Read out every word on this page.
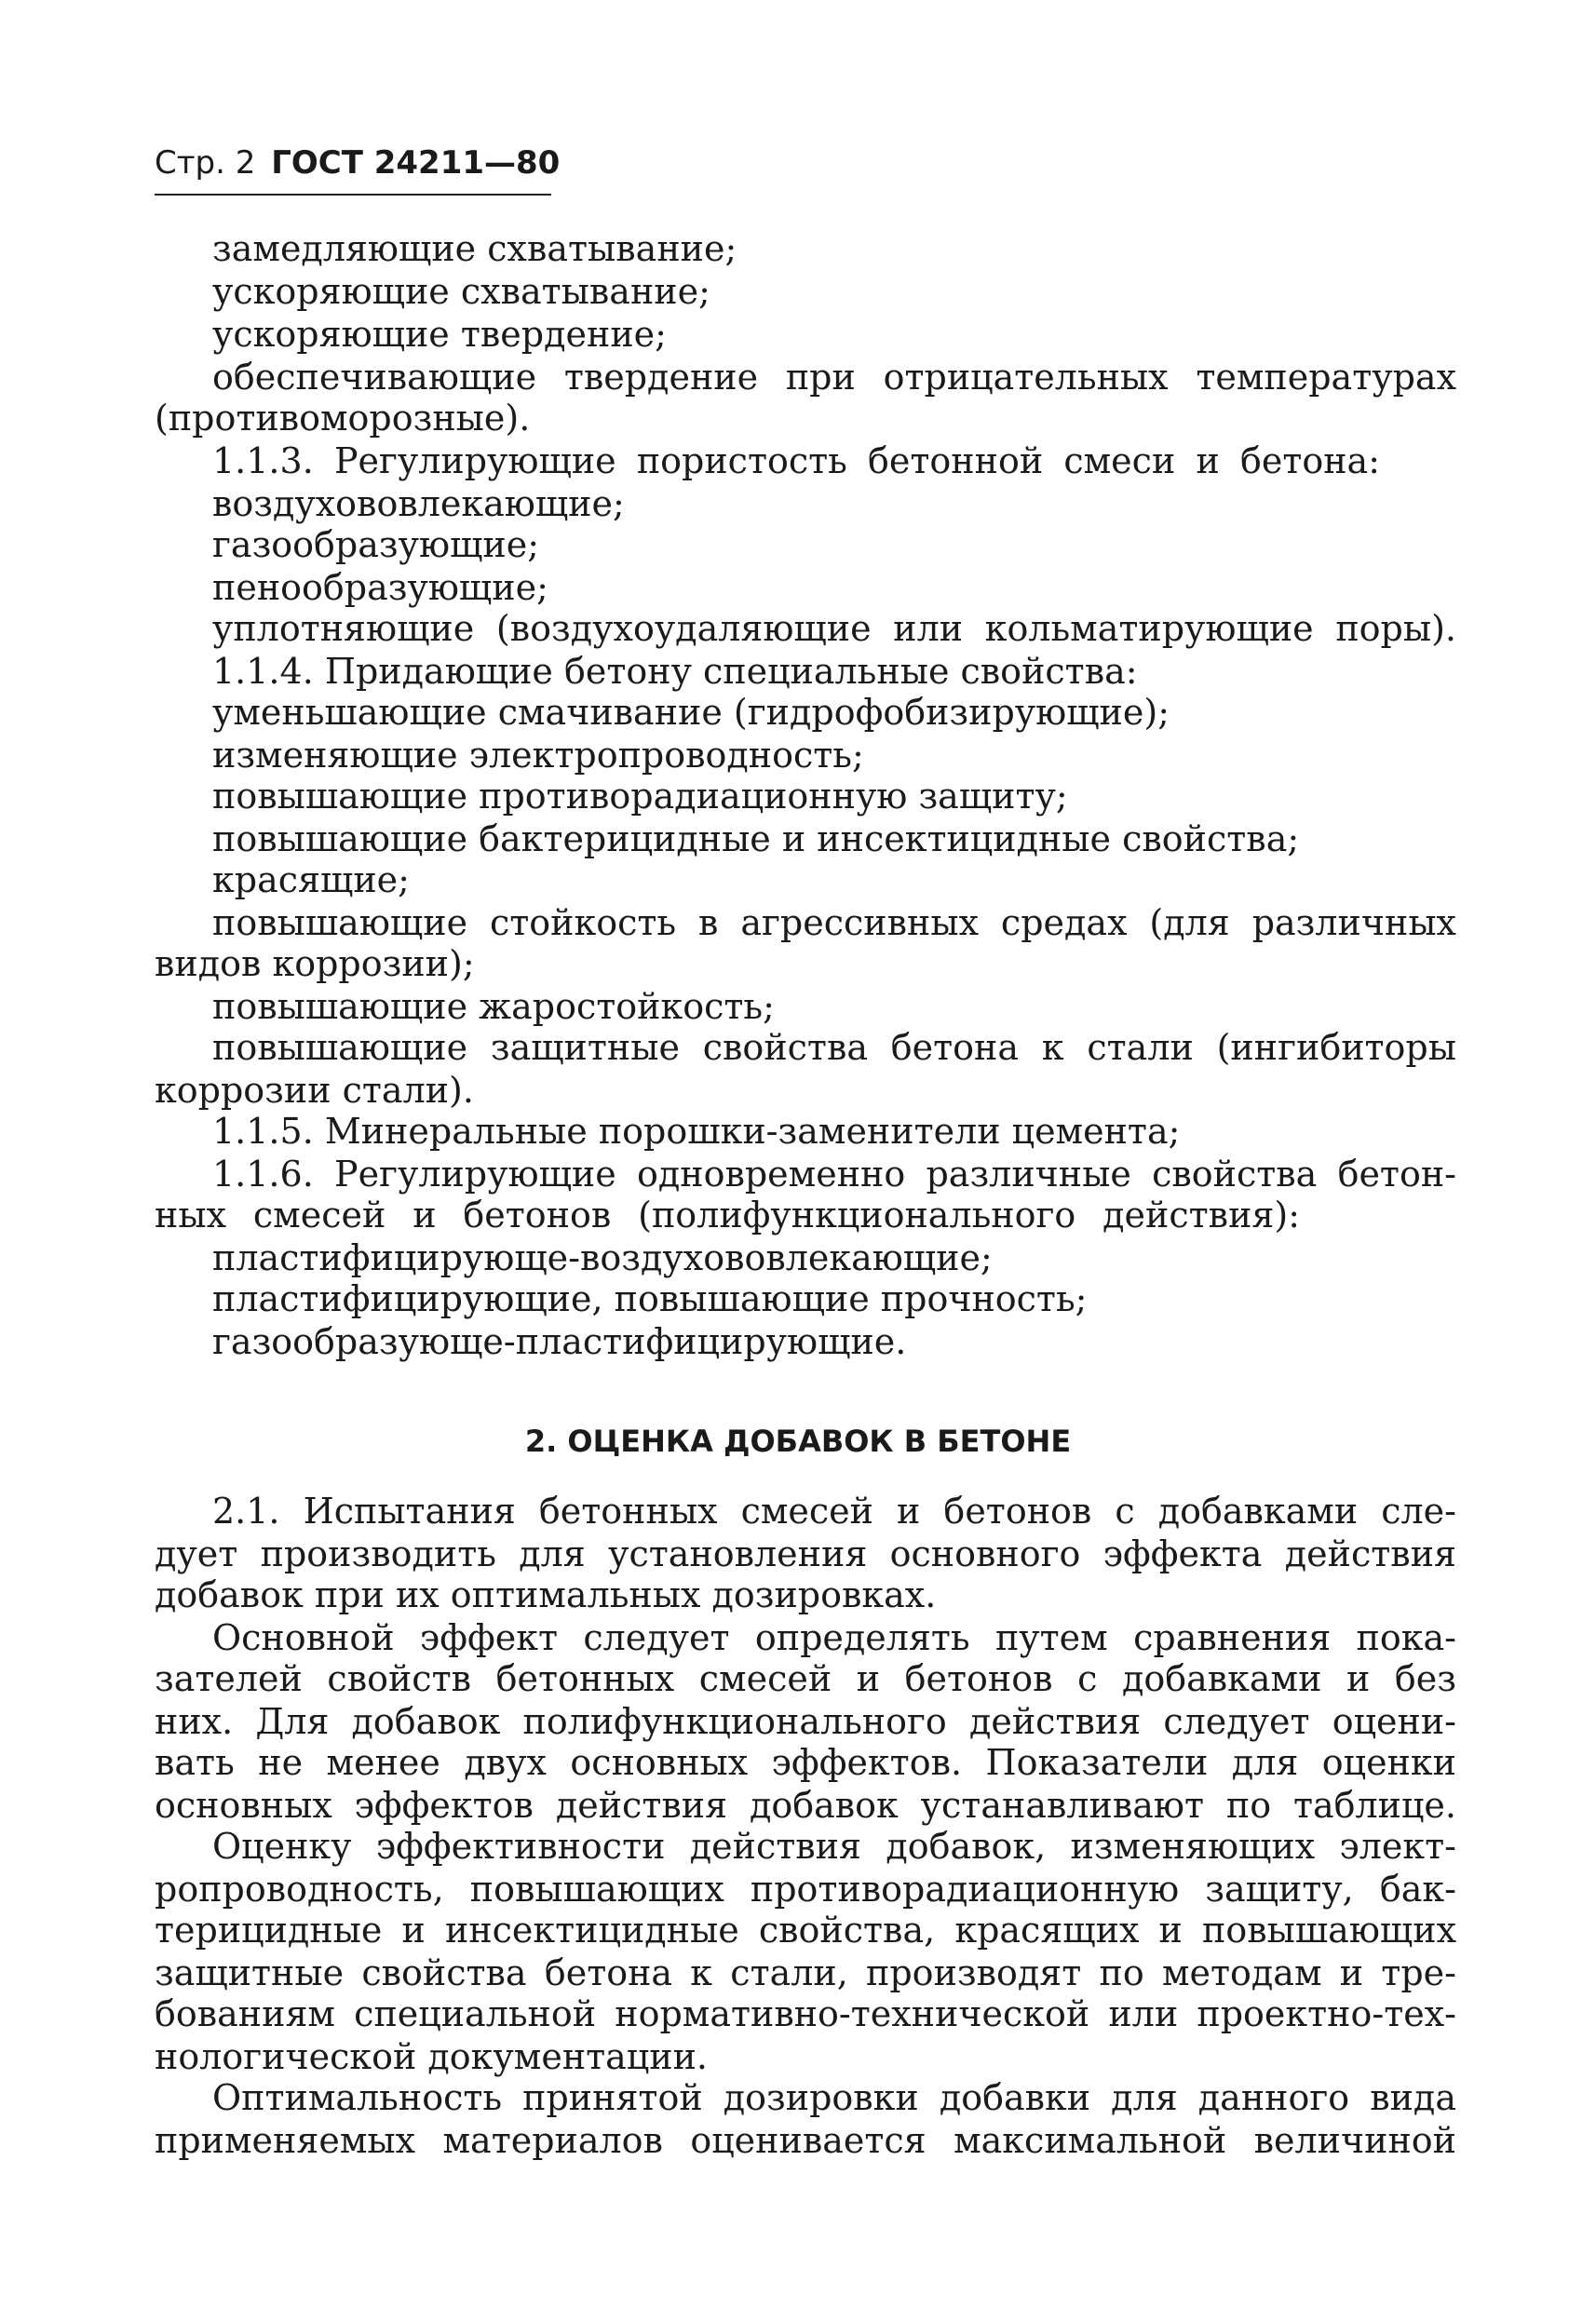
Стр. 2 ГОСТ 24211—80

замедляющие схватывание;

ускоряющие схватывание;

ускоряющие твердение;

обеспечивающие твердение при отрицательных температурах

(противоморозные).

1.1.3. Регулирующие пористость бетонной смеси и бетона:

воздухововлекающие;

газообразующие;

пенообразующие;

уплотняющие (воздухоудаляющие или кольматирующие поры).

1.1.4. Придающие бетону специальные свойства:

уменьшающие смачивание (гидрофобизирующие);

изменяющие электропроводность;

повышающие противорадиационную защиту;

повышающие бактерицидные и инсектицидные свойства;

красящие;

повышающие стойкость в агрессивных средах (для различных

видов коррозии);

повышающие жаростойкость;

повышающие защитные свойства бетона к стали (ингибиторы

коррозии стали).

1.1.5. Минеральные порошки-заменители цемента;

1.1.6. Регулирующие одновременно различные свойства бетон-

ных смесей и бетонов (полифункционального действия):

пластифицирующе-воздухововлекающие;

пластифицирующие, повышающие прочность;

газообразующе-пластифицирующие.

2. ОЦЕНКА ДОБАВОК В БЕТОНЕ

2.1. Испытания бетонных смесей и бетонов с добавками сле-

дует производить для установления основного эффекта действия

добавок при их оптимальных дозировках.

Основной эффект следует определять путем сравнения пока-

зателей свойств бетонных смесей и бетонов с добавками и без

них. Для добавок полифункционального действия следует оцени-

вать не менее двух основных эффектов. Показатели для оценки

основных эффектов действия добавок устанавливают по таблице.

Оценку эффективности действия добавок, изменяющих элект-

ропроводность, повышающих противорадиационную защиту, бак-

терицидные и инсектицидные свойства, красящих и повышающих

защитные свойства бетона к стали, производят по методам и тре-

бованиям специальной нормативно-технической или проектно-тех-

нологической документации.

Оптимальность принятой дозировки добавки для данного вида

применяемых материалов оценивается максимальной величиной
